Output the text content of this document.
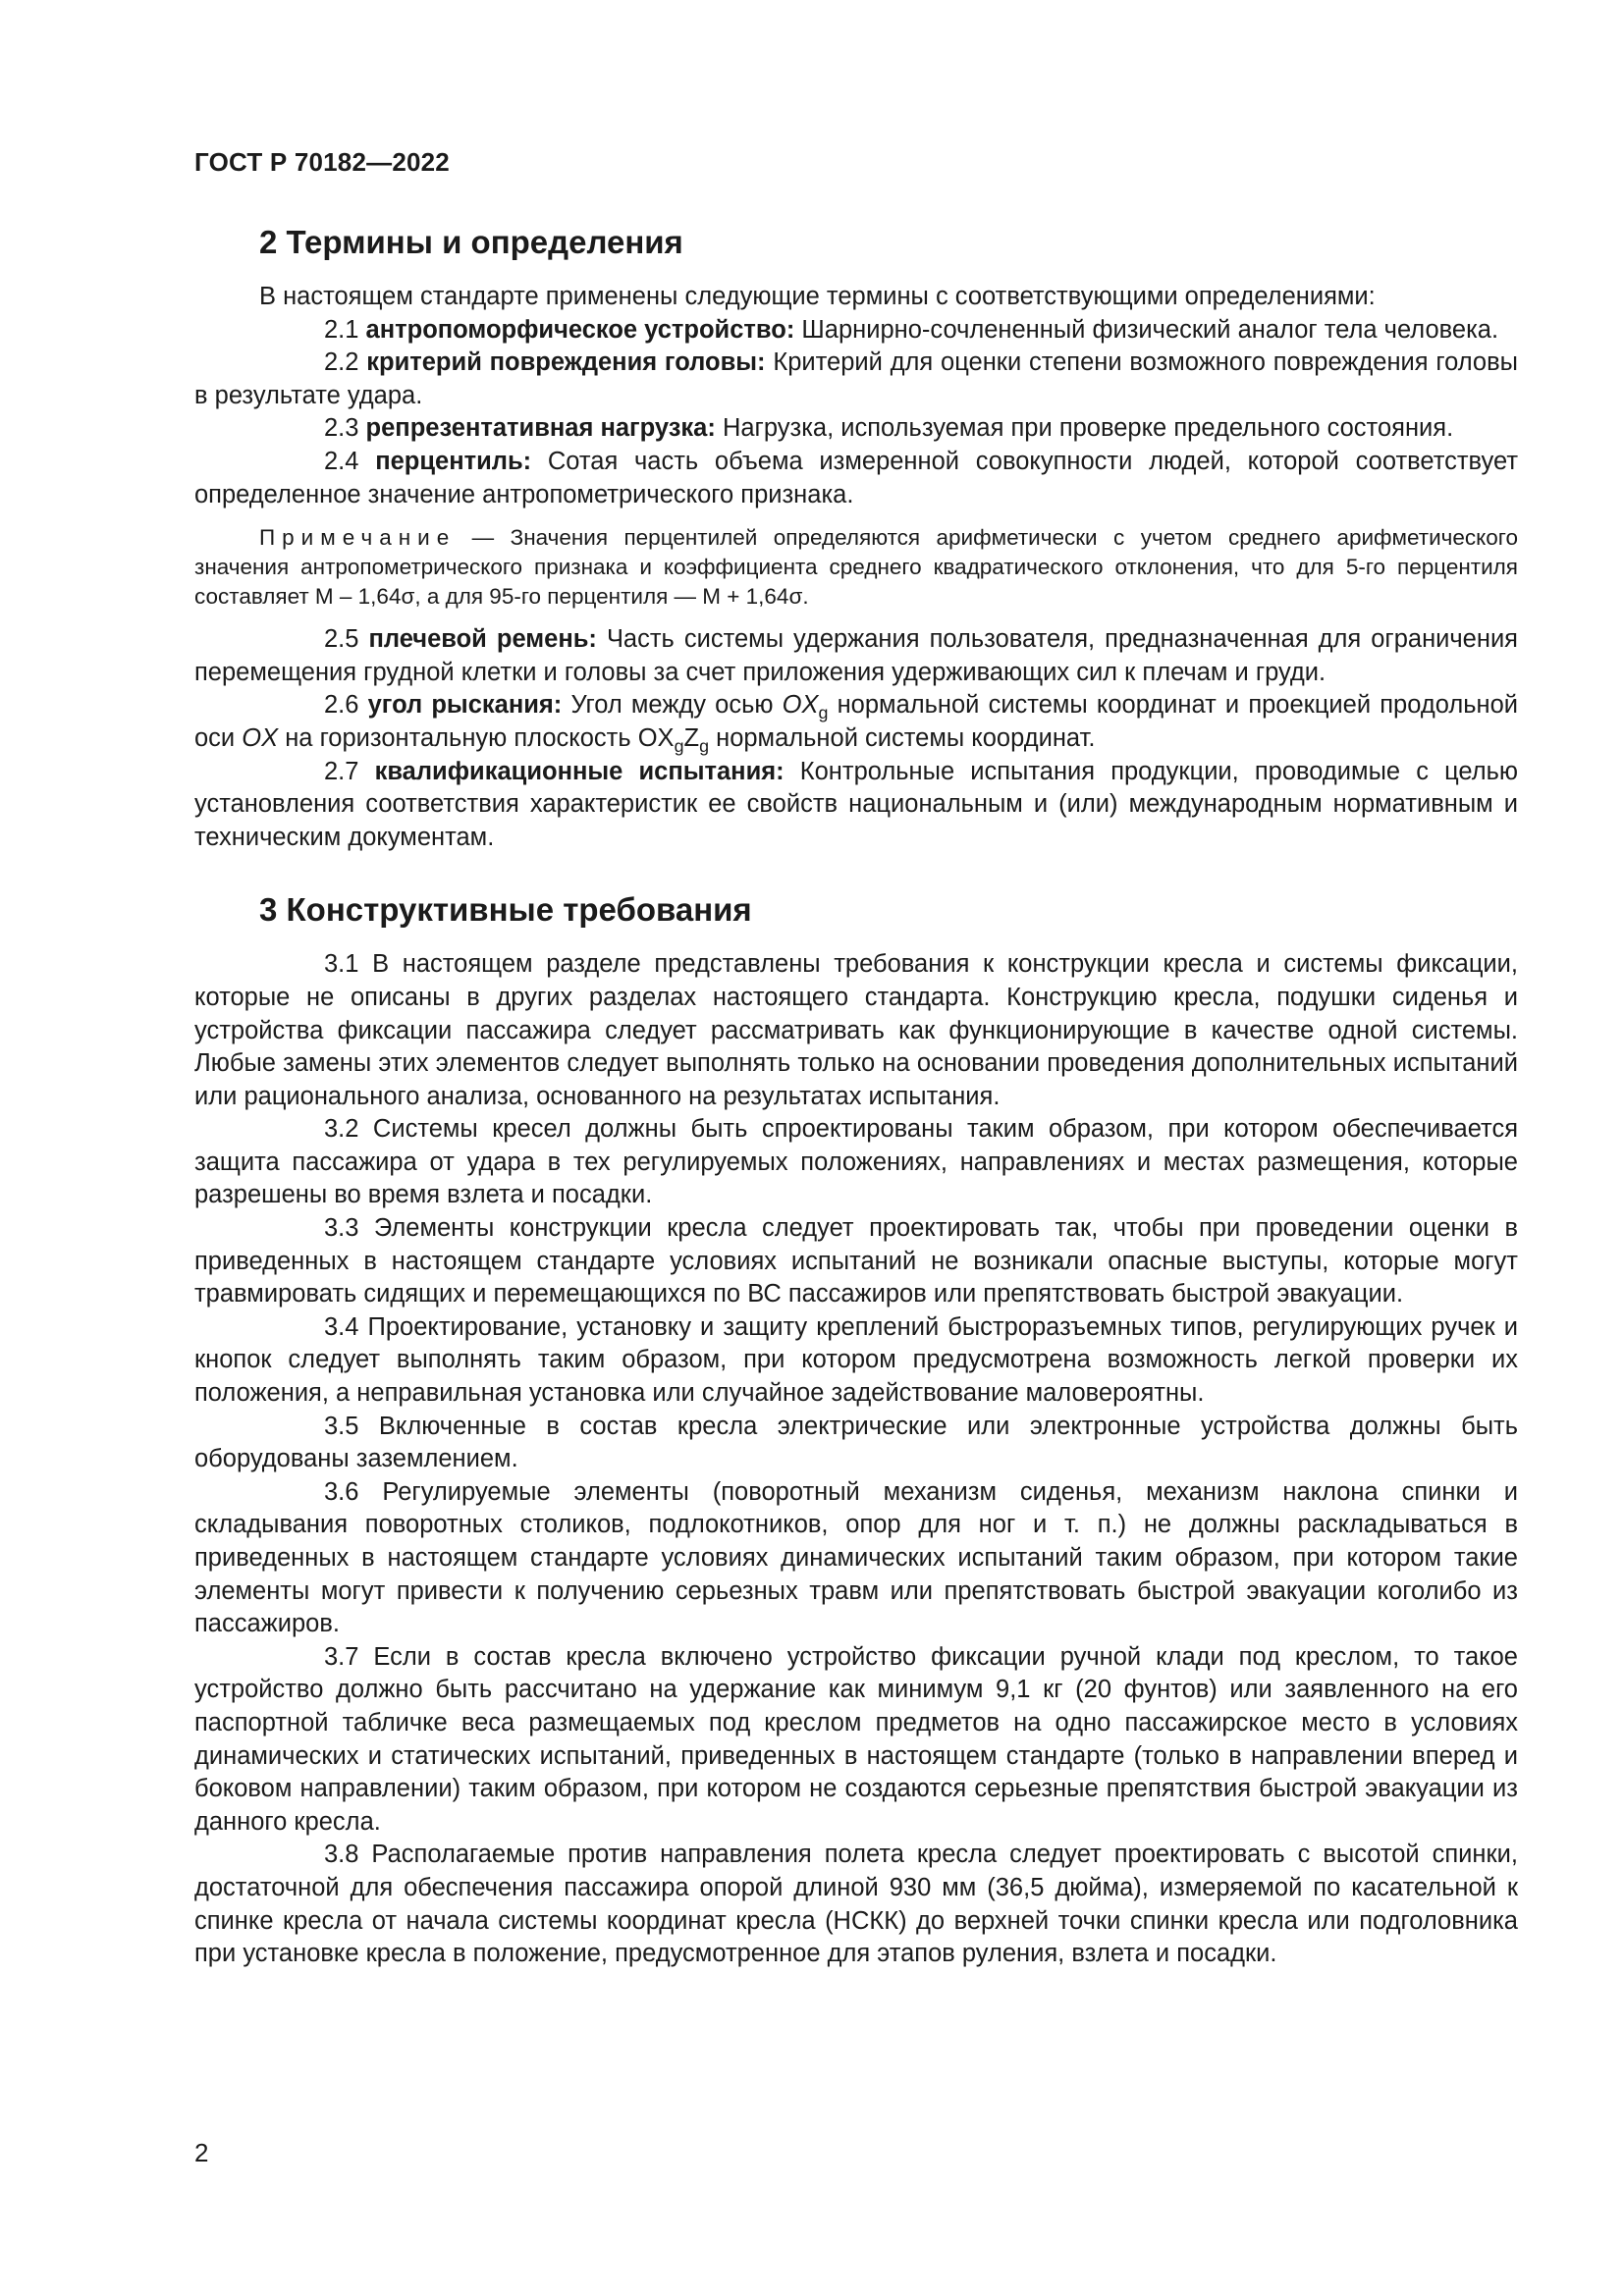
ГОСТ Р 70182—2022
2 Термины и определения

В настоящем стандарте применены следующие термины с соответствующими определениями:

2.1 антропоморфическое устройство: Шарнирно-сочлененный физический аналог тела человека.

2.2 критерий повреждения головы: Критерий для оценки степени возможного повреждения головы в результате удара.

2.3 репрезентативная нагрузка: Нагрузка, используемая при проверке предельного состояния.

2.4 перцентиль: Сотая часть объема измеренной совокупности людей, которой соответствует определенное значение антропометрического признака.

Примечание — Значения перцентилей определяются арифметически с учетом среднего арифметического значения антропометрического признака и коэффициента среднего квадратического отклонения, что для 5-го перцентиля составляет М – 1,64σ, а для 95-го перцентиля — М + 1,64σ.

2.5 плечевой ремень: Часть системы удержания пользователя, предназначенная для ограничения перемещения грудной клетки и головы за счет приложения удерживающих сил к плечам и груди.

2.6 угол рыскания: Угол между осью $OX_g$ нормальной системы координат и проекцией продольной оси OX на горизонтальную плоскость $OX_gZ_g$ нормальной системы координат.

2.7 квалификационные испытания: Контрольные испытания продукции, проводимые с целью установления соответствия характеристик ее свойств национальным и (или) международным нормативным и техническим документам.

3 Конструктивные требования

3.1 В настоящем разделе представлены требования к конструкции кресла и системы фиксации, которые не описаны в других разделах настоящего стандарта. Конструкцию кресла, подушки сиденья и устройства фиксации пассажира следует рассматривать как функционирующие в качестве одной системы. Любые замены этих элементов следует выполнять только на основании проведения дополнительных испытаний или рационального анализа, основанного на результатах испытания.

3.2 Системы кресел должны быть спроектированы таким образом, при котором обеспечивается защита пассажира от удара в тех регулируемых положениях, направлениях и местах размещения, которые разрешены во время взлета и посадки.

3.3 Элементы конструкции кресла следует проектировать так, чтобы при проведении оценки в приведенных в настоящем стандарте условиях испытаний не возникали опасные выступы, которые могут травмировать сидящих и перемещающихся по ВС пассажиров или препятствовать быстрой эвакуации.

3.4 Проектирование, установку и защиту креплений быстроразъемных типов, регулирующих ручек и кнопок следует выполнять таким образом, при котором предусмотрена возможность легкой проверки их положения, а неправильная установка или случайное задействование маловероятны.

3.5 Включенные в состав кресла электрические или электронные устройства должны быть оборудованы заземлением.

3.6 Регулируемые элементы (поворотный механизм сиденья, механизм наклона спинки и складывания поворотных столиков, подлокотников, опор для ног и т. п.) не должны раскладываться в приведенных в настоящем стандарте условиях динамических испытаний таким образом, при котором такие элементы могут привести к получению серьезных травм или препятствовать быстрой эвакуации коголибо из пассажиров.

3.7 Если в состав кресла включено устройство фиксации ручной клади под креслом, то такое устройство должно быть рассчитано на удержание как минимум 9,1 кг (20 фунтов) или заявленного на его паспортной табличке веса размещаемых под креслом предметов на одно пассажирское место в условиях динамических и статических испытаний, приведенных в настоящем стандарте (только в направлении вперед и боковом направлении) таким образом, при котором не создаются серьезные препятствия быстрой эвакуации из данного кресла.

3.8 Располагаемые против направления полета кресла следует проектировать с высотой спинки, достаточной для обеспечения пассажира опорой длиной 930 мм (36,5 дюйма), измеряемой по касательной к спинке кресла от начала системы координат кресла (НСКК) до верхней точки спинки кресла или подголовника при установке кресла в положение, предусмотренное для этапов руления, взлета и посадки.

2
